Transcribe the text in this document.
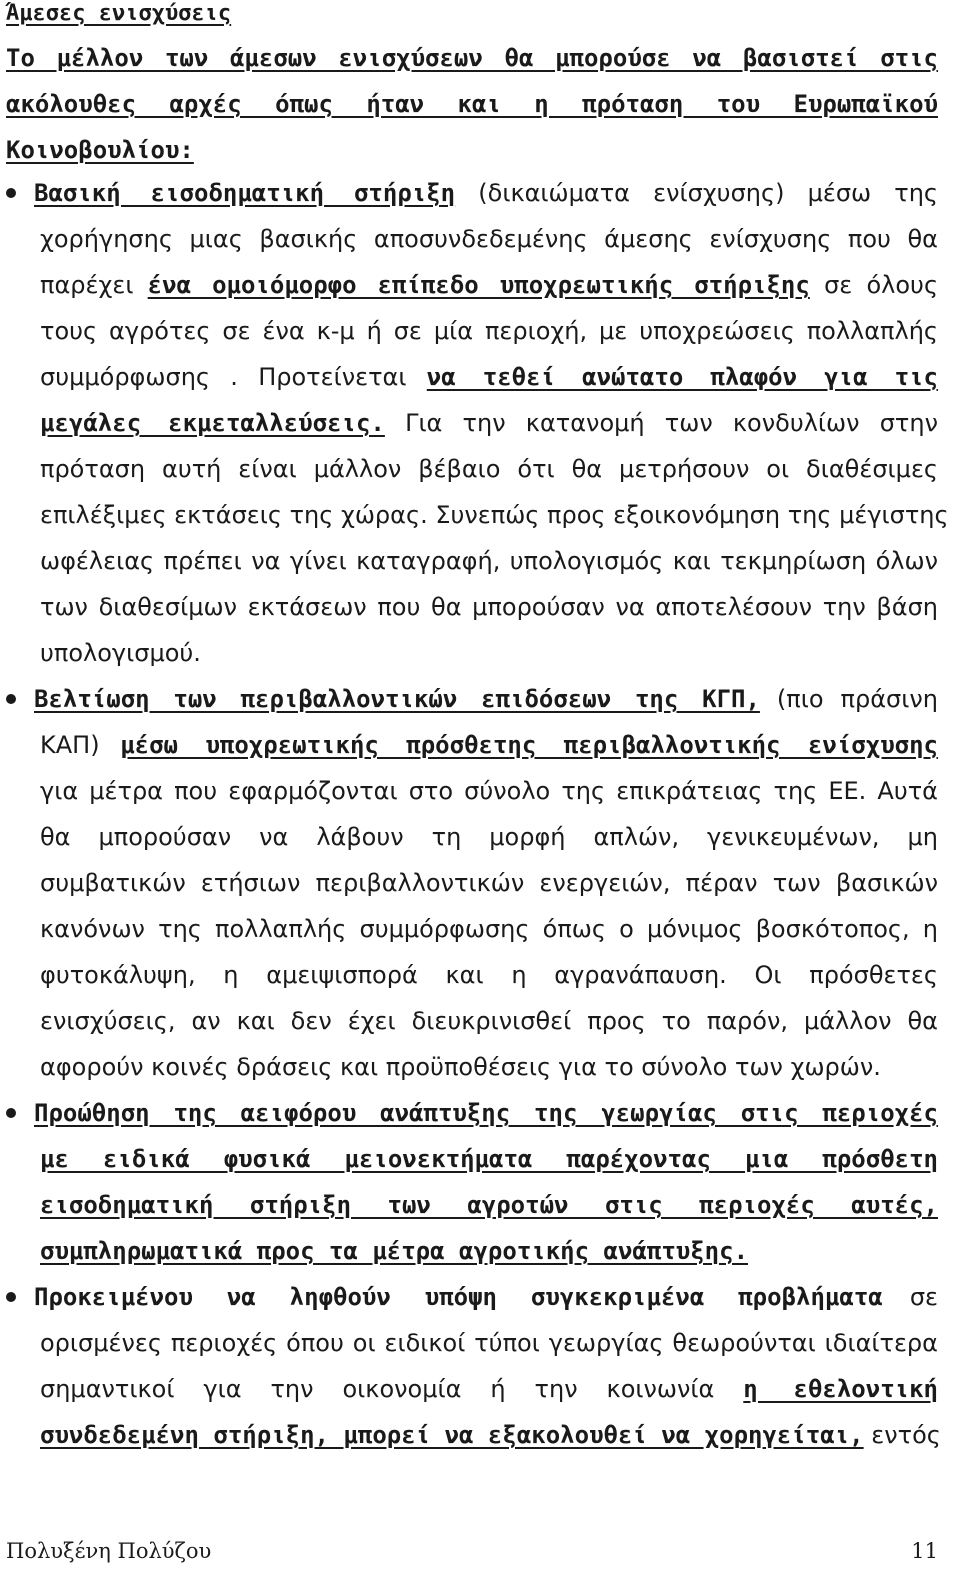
Άμεσες ενισχύσεις
Το μέλλον των άμεσων ενισχύσεων θα μπορούσε να βασιστεί στις
ακόλουθες αρχές όπως ήταν και η πρόταση του Ευρωπαϊκού
Κοινοβουλίου:
Βασική εισοδηματική στήριξη (δικαιώματα ενίσχυσης) μέσω της
χορήγησης μιας βασικής αποσυνδεδεμένης άμεσης ενίσχυσης που θα
παρέχει ένα ομοιόμορφο επίπεδο υποχρεωτικής στήριξης σε όλους
τους αγρότες σε ένα κ-μ ή σε μία περιοχή, με υποχρεώσεις πολλαπλής
συμμόρφωσης . Προτείνεται να τεθεί ανώτατο πλαφόν για τις
μεγάλες εκμεταλλεύσεις. Για την κατανομή των κονδυλίων στην
πρόταση αυτή είναι μάλλον βέβαιο ότι θα μετρήσουν οι διαθέσιμες
επιλέξιμες εκτάσεις της χώρας. Συνεπώς προς εξοικονόμηση της μέγιστης
ωφέλειας πρέπει να γίνει καταγραφή, υπολογισμός και τεκμηρίωση όλων
των διαθεσίμων εκτάσεων που θα μπορούσαν να αποτελέσουν την βάση
υπολογισμού.
Βελτίωση των περιβαλλοντικών επιδόσεων της ΚΓΠ, (πιο πράσινη
ΚΑΠ) μέσω υποχρεωτικής πρόσθετης περιβαλλοντικής ενίσχυσης
για μέτρα που εφαρμόζονται στο σύνολο της επικράτειας της ΕΕ. Αυτά
θα μπορούσαν να λάβουν τη μορφή απλών, γενικευμένων, μη
συμβατικών ετήσιων περιβαλλοντικών ενεργειών, πέραν των βασικών
κανόνων της πολλαπλής συμμόρφωσης όπως ο μόνιμος βοσκότοπος, η
φυτοκάλυψη, η αμειψισπορά και η αγρανάπαυση. Οι πρόσθετες
ενισχύσεις, αν και δεν έχει διευκρινισθεί προς το παρόν, μάλλον θα
αφορούν κοινές δράσεις και προϋποθέσεις για το σύνολο των χωρών.
Προώθηση της αειφόρου ανάπτυξης της γεωργίας στις περιοχές
με ειδικά φυσικά μειονεκτήματα παρέχοντας μια πρόσθετη
εισοδηματική στήριξη των αγροτών στις περιοχές αυτές,
συμπληρωματικά προς τα μέτρα αγροτικής ανάπτυξης.
Προκειμένου να ληφθούν υπόψη συγκεκριμένα προβλήματα σε
ορισμένες περιοχές όπου οι ειδικοί τύποι γεωργίας θεωρούνται ιδιαίτερα
σημαντικοί για την οικονομία ή την κοινωνία η εθελοντική
συνδεδεμένη στήριξη, μπορεί να εξακολουθεί να χορηγείται, εντός
Πολυξένη Πολύζου	11
